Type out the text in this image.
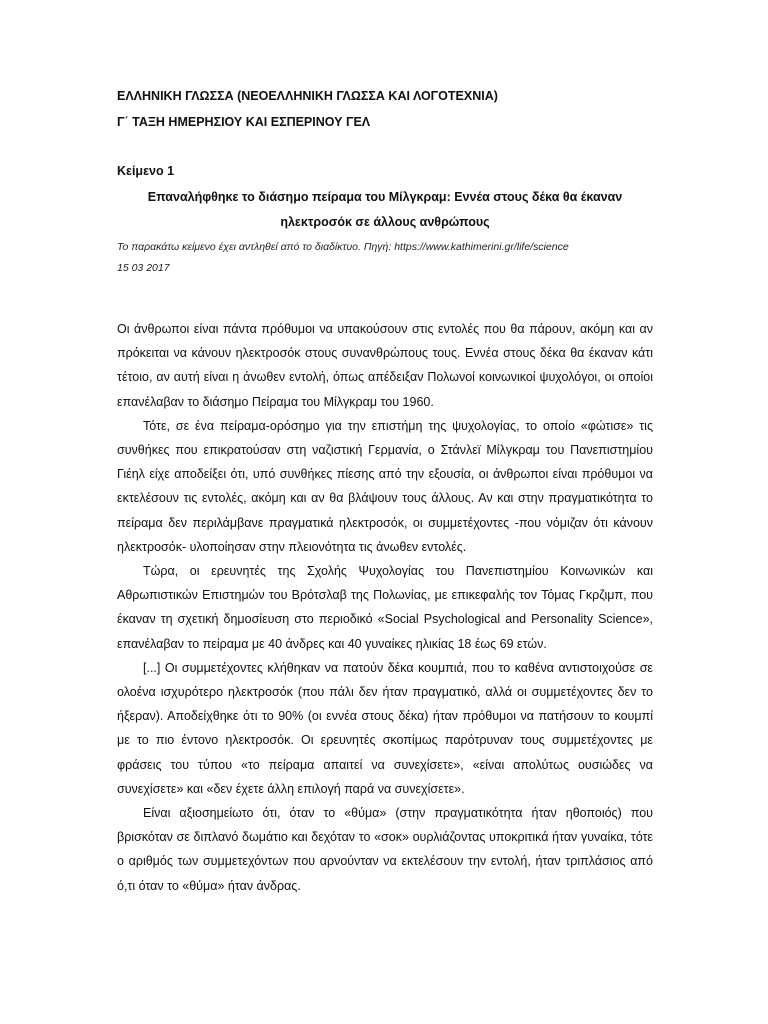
ΕΛΛΗΝΙΚΗ ΓΛΩΣΣΑ (ΝΕΟΕΛΛΗΝΙΚΗ ΓΛΩΣΣΑ ΚΑΙ ΛΟΓΟΤΕΧΝΙΑ)

Γ΄ ΤΑΞΗ ΗΜΕΡΗΣΙΟΥ ΚΑΙ ΕΣΠΕΡΙΝΟΥ ΓΕΛ

Κείμενο 1

Επαναλήφθηκε το διάσημο πείραμα του Μίλγκραμ: Εννέα στους δέκα θα έκαναν
ηλεκτροσόκ σε άλλους ανθρώπους
Το παρακάτω κείμενο έχει αντληθεί από το διαδίκτυο. Πηγή: https://www.kathimerini.gr/life/science
15 03 2017

Οι άνθρωποι είναι πάντα πρόθυμοι να υπακούσουν στις εντολές που θα πάρουν, ακόμη και αν πρόκειται να κάνουν ηλεκτροσόκ στους συνανθρώπους τους. Εννέα στους δέκα θα έκαναν κάτι τέτοιο, αν αυτή είναι η άνωθεν εντολή, όπως απέδειξαν Πολωνοί κοινωνικοί ψυχολόγοι, οι οποίοι επανέλαβαν το διάσημο Πείραμα του Μίλγκραμ του 1960.

Τότε, σε ένα πείραμα-ορόσημο για την επιστήμη της ψυχολογίας, το οποίο «φώτισε» τις συνθήκες που επικρατούσαν στη ναζιστική Γερμανία, ο Στάνλεϊ Μίλγκραμ του Πανεπιστημίου Γιέηλ είχε αποδείξει ότι, υπό συνθήκες πίεσης από την εξουσία, οι άνθρωποι είναι πρόθυμοι να εκτελέσουν τις εντολές, ακόμη και αν θα βλάψουν τους άλλους. Αν και στην πραγματικότητα το πείραμα δεν περιλάμβανε πραγματικά ηλεκτροσόκ, οι συμμετέχοντες -που νόμιζαν ότι κάνουν ηλεκτροσόκ- υλοποίησαν στην πλειονότητα τις άνωθεν εντολές.

Τώρα, οι ερευνητές της Σχολής Ψυχολογίας του Πανεπιστημίου Κοινωνικών και Αθρωπιστικών Επιστημών του Βρότσλαβ της Πολωνίας, με επικεφαλής τον Τόμας Γκρζιμπ, που έκαναν τη σχετική δημοσίευση στο περιοδικό «Social Psychological and Personality Science», επανέλαβαν το πείραμα με 40 άνδρες και 40 γυναίκες ηλικίας 18 έως 69 ετών.

[...] Οι συμμετέχοντες κλήθηκαν να πατούν δέκα κουμπιά, που το καθένα αντιστοιχούσε σε ολοένα ισχυρότερο ηλεκτροσόκ (που πάλι δεν ήταν πραγματικό, αλλά οι συμμετέχοντες δεν το ήξεραν). Αποδείχθηκε ότι το 90% (οι εννέα στους δέκα) ήταν πρόθυμοι να πατήσουν το κουμπί με το πιο έντονο ηλεκτροσόκ. Οι ερευνητές σκοπίμως παρότρυναν τους συμμετέχοντες με φράσεις του τύπου «το πείραμα απαιτεί να συνεχίσετε», «είναι απολύτως ουσιώδες να συνεχίσετε» και «δεν έχετε άλλη επιλογή παρά να συνεχίσετε».

Είναι αξιοσημείωτο ότι, όταν το «θύμα» (στην πραγματικότητα ήταν ηθοποιός) που βρισκόταν σε διπλανό δωμάτιο και δεχόταν το «σοκ» ουρλιάζοντας υποκριτικά ήταν γυναίκα, τότε ο αριθμός των συμμετεχόντων που αρνούνταν να εκτελέσουν την εντολή, ήταν τριπλάσιος από ό,τι όταν το «θύμα» ήταν άνδρας.
